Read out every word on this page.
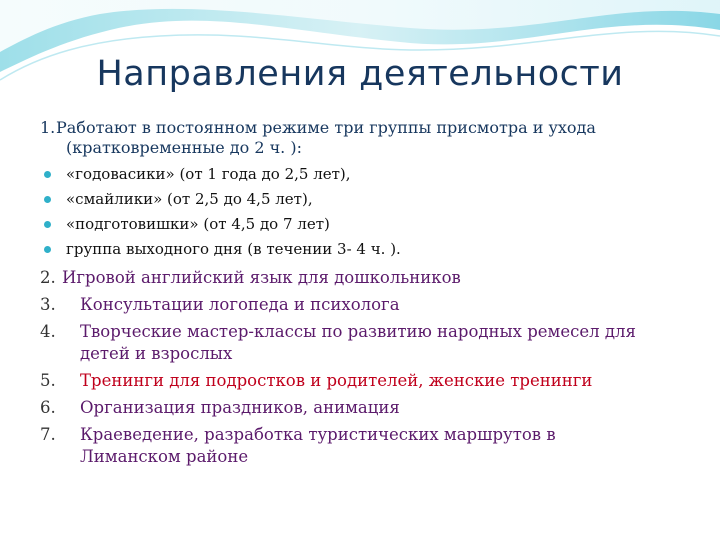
Направления деятельности
1. Работают в постоянном режиме три группы присмотра и ухода
(кратковременные до 2 ч. ):
«годовасики» (от 1 года до 2,5 лет),
«смайлики» (от 2,5 до 4,5 лет),
«подготовишки» (от 4,5 до 7 лет)
группа выходного дня (в течении 3- 4 ч. ).
2. Игровой английский язык для дошкольников
3. Консультации логопеда и психолога
4. Творческие мастер-классы по развитию народных ремесел для
детей и взрослых
5. Тренинги для подростков и родителей, женские тренинги
6. Организация праздников, анимация
7. Краеведение, разработка туристических маршрутов в
Лиманском районе
